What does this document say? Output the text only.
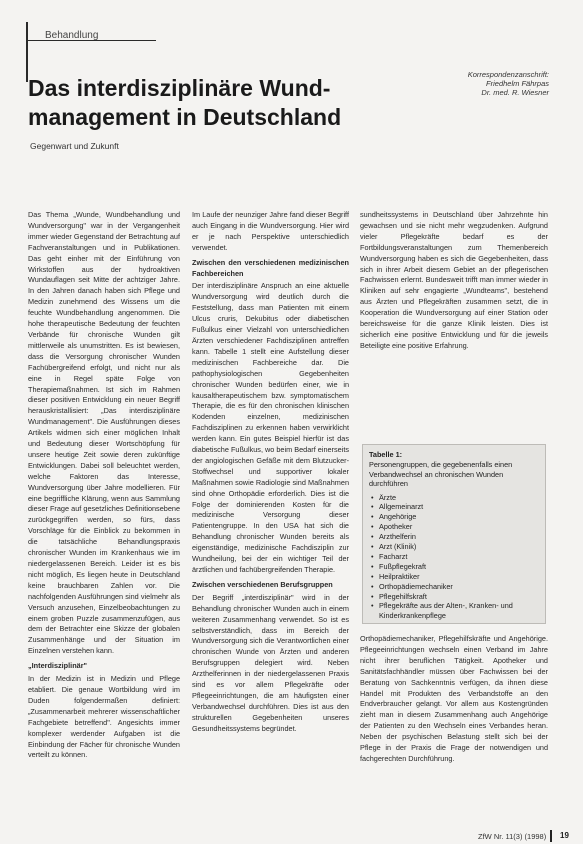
Behandlung
Korrespondenzanschrift:
Friedhelm Fährpas
Dr. med. R. Wiesner
Das interdisziplinäre Wund-
management in Deutschland
Gegenwart und Zukunft

Das Thema „Wunde, Wundbehandlung und Wundversorgung" war in der Vergangenheit immer wieder Gegenstand der Betrachtung auf Fachveranstaltungen und in Publikationen. Das geht einher mit der Einführung von Wirkstoffen aus der hydroaktiven Wundauflagen seit Mitte der achtziger Jahre. In den Jahren danach haben sich Pflege und Medizin zunehmend des Wissens um die feuchte Wundbehandlung angenommen. Die hohe therapeutische Bedeutung der feuchten Verbände für chronische Wunden gilt mittlerweile als unumstritten. Es ist bewiesen, dass die Versorgung chronischer Wunden Fachübergreifend erfolgt, und nicht nur als eine in Regel späte Folge von Therapiemaßnahmen. Ist sich im Rahmen dieser positiven Entwicklung ein neuer Begriff herauskristallisiert: „Das interdisziplinäre Wundmanagement". Die Ausführungen dieses Artikels widmen sich einer möglichen Inhalt und Bedeutung dieser Wortschöpfung für unsere heutige Zeit sowie deren zukünftige Entwicklungen. Dabei soll beleuchtet werden, welche Faktoren das Interesse, Wundversorgung über Jahre modellieren. Für eine begriffliche Klärung, wenn aus Sammlung dieser Frage auf gesetzliches Definitionsebene zurückgegriffen werden, so fürs, dass Vorschläge für die Einblick zu bekommen in die tatsächliche Behandlungspraxis chronischer Wunden im Krankenhaus wie im niedergelassenen Bereich. Leider ist es bis nicht möglich, Es liegen heute in Deutschland keine brauchbaren Zahlen vor. Die nachfolgenden Ausführungen sind vielmehr als Versuch anzusehen, Einzelbeobachtungen zu einem groben Puzzle zusammenzufügen, aus dem der Betrachter eine Skizze der globalen Zusammenhänge und der Situation im Einzelnen verstehen kann.

„Interdisziplinär"

In der Medizin ist in Medizin und Pflege etabliert. Die genaue Wortbildung wird im Duden folgendermaßen definiert: „Zusammenarbeit mehrerer wissenschaftlicher Fachgebiete betreffend". Angesichts immer komplexer werdender Aufgaben ist die Einbindung der Fächer für chronische Wunden verteilt zu können.

Im Laufe der neunziger Jahre fand dieser Begriff auch Eingang in die Wundversorgung. Hier wird er je nach Perspektive unterschiedlich verwendet.

Zwischen den verschiedenen medizinischen Fachbereichen

Der interdisziplinäre Anspruch an eine aktuelle Wundversorgung wird deutlich durch die Feststellung, dass man Patienten mit einem Ulcus cruris, Dekubitus oder diabetischen Fußulkus einer Vielzahl von unterschiedlichen Ärzten verschiedener Fachdisziplinen antreffen kann. Tabelle 1 stellt eine Aufstellung dieser medizinischen Fachbereiche dar. Die pathophysiologischen Gegebenheiten chronischer Wunden bedürfen einer, wie in kausaltherapeutischem bzw. symptomatischem Therapie, die es für den chronischen klinischen Kodenden einzelnen, medizinischen Fachdisziplinen zu erkennen haben verwirklicht werden kann. Ein gutes Beispiel hierfür ist das diabetische Fußulkus, wo beim Bedarf einerseits der angiologischen Gefäße mit dem Blutzucker-Stoffwechsel und supportiver lokaler Maßnahmen sowie Radiologie sind Maßnahmen sind ohne Orthopädie erforderlich. Dies ist die Folge der dominierenden Kosten für die medizinische Versorgung dieser Patientengruppe. In den USA hat sich die Behandlung chronischer Wunden bereits als eigenständige, medizinische Fachdisziplin zur Wundheilung, bei der ein wichtiger Teil der ärztlichen und fachübergreifenden Therapie.

Zwischen verschiedenen Berufsgruppen

Der Begriff „interdisziplinär" wird in der Behandlung chronischer Wunden auch in einem weiteren Zusammenhang verwendet. So ist es selbstverständlich, dass im Bereich der Wundversorgung sich die Verantwortlichen einer chronischen Wunde von Ärzten und anderen Berufsgruppen delegiert wird. Neben Arzthelferinnen in der niedergelassenen Praxis sind es vor allem Pflegekräfte oder Pflegeeinrichtungen, die am häufigsten einer Verbandwechsel durchführen. Dies ist aus den strukturellen Gegebenheiten unseres Gesundheitssystems begründet.

sundheitssystems in Deutschland über Jahrzehnte hin gewachsen und sie nicht mehr wegzudenken. Aufgrund vieler Pflegekräfte bedarf es der Fortbildungsveranstaltungen zum Themenbereich Wundversorgung haben es sich die Gegebenheiten, dass sich in ihrer Arbeit diesem Gebiet an der pflegerischen Fachwissen erlernt. Bundesweit trifft man immer wieder in Kliniken auf sehr engagierte „Wundteams", bestehend aus Ärzten und Pflegekräften zusammen setzt, die in Kooperation die Wundversorgung auf einer Station oder bereichsweise für die ganze Klinik leisten. Dies ist sicherlich eine positive Entwicklung und für die jeweils Beteiligte eine positive Erfahrung.

Tabelle 1:
Personengruppen, die gegebenenfalls einen Verbandwechsel an chronischen Wunden durchführen
• Ärzte
• Allgemeinarzt
• Angehörige
• Apotheker
• Arzthelferin
• Arzt (Klinik)
• Facharzt
• Fußpflegekraft
• Heilpraktiker
• Orthopädiemechaniker
• Pflegehilfskraft
• Pflegekräfte aus der Alten-, Kranken- und Kinderkrankenpflege

Orthopädiemechaniker, Pflegehilfskräfte und Angehörige. Pflegeeinrichtungen wechseln einen Verband im Jahre nicht ihrer beruflichen Tätigkeit. Apotheker und Sanitätsfachhändler müssen über Fachwissen bei der Beratung von Sachkenntnis verfügen, da ihnen diese Handel mit Produkten des Verbandstoffe an den Endverbraucher gelangt. Vor allem aus Kostengründen zieht man in diesem Zusammenhang auch Angehörige der Patienten zu den Wechseln eines Verbandes heran. Neben der psychischen Belastung stellt sich bei der Pflege in der Praxis die Frage der notwendigen und fachgerechten Durchführung.

ZfW Nr. 11(3) (1998) 19
